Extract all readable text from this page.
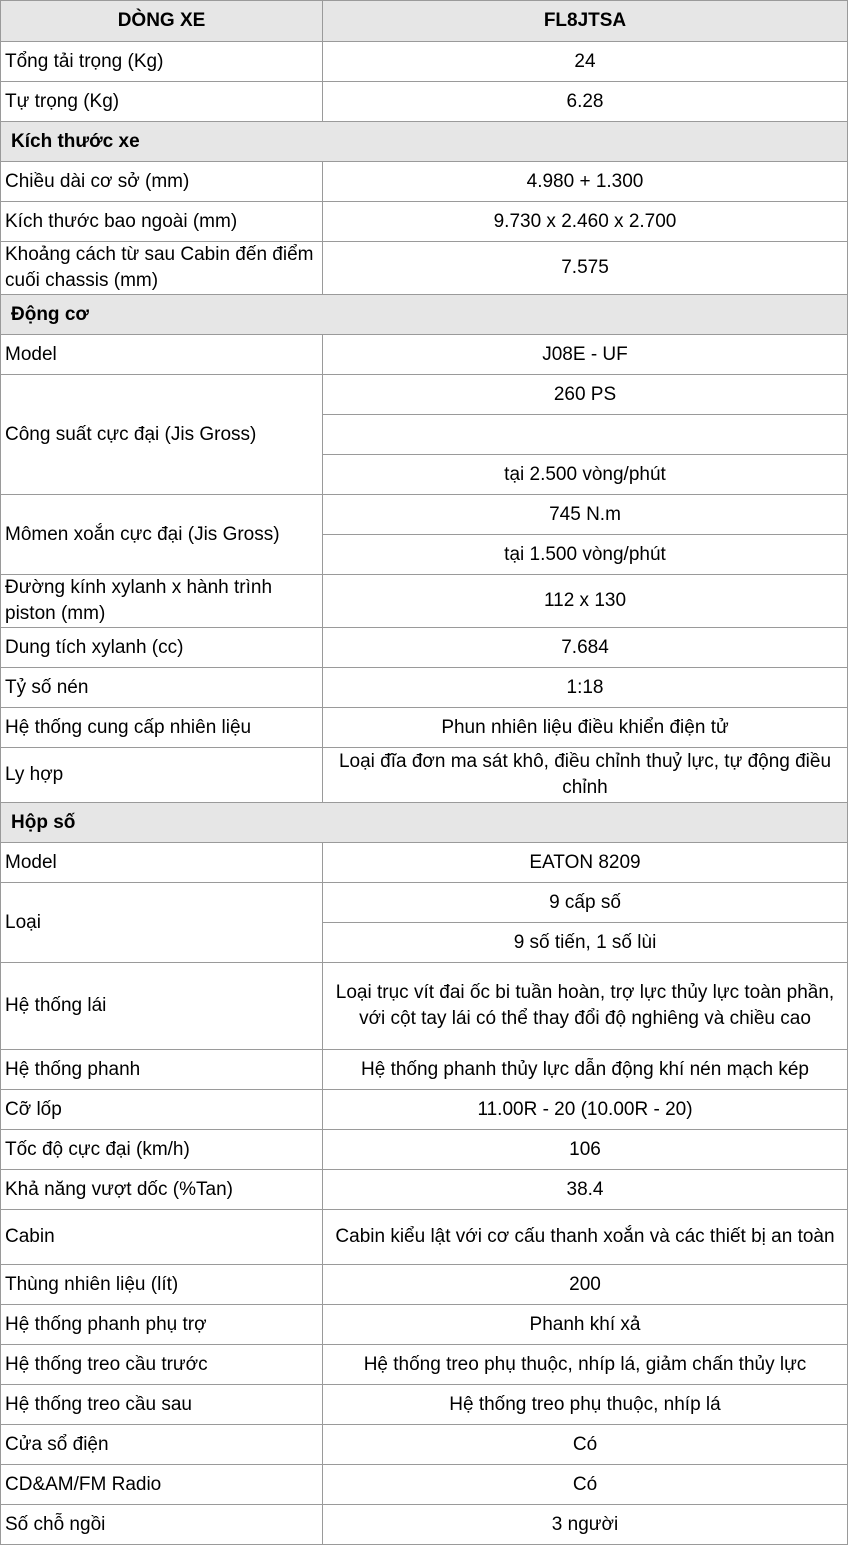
DÒNG XE	FL8JTSA
Tổng tải trọng (Kg)	24
Tự trọng (Kg)	6.28
Kích thước xe	
Chiều dài cơ sở (mm)	4.980 + 1.300
Kích thước bao ngoài (mm)	9.730 x 2.460 x 2.700
Khoảng cách từ sau Cabin đến điểm cuối chassis (mm)	7.575
Động cơ	
Model	J08E - UF
Công suất cực đại (Jis Gross)	260 PS

	tại 2.500 vòng/phút
Mômen xoắn cực đại (Jis Gross)	745 N.m
	tại 1.500 vòng/phút
Đường kính xylanh x hành trình piston (mm)	112 x 130
Dung tích xylanh (cc)	7.684
Tỷ số nén	1:18
Hệ thống cung cấp nhiên liệu	Phun nhiên liệu điều khiển điện tử
Ly hợp	Loại đĩa đơn ma sát khô, điều chỉnh thuỷ lực, tự động điều chỉnh
Hộp số	
Model	EATON 8209
Loại	9 cấp số
	9 số tiến, 1 số lùi
Hệ thống lái	Loại trục vít đai ốc bi tuần hoàn, trợ lực thủy lực toàn phần, với cột tay lái có thể thay đổi độ nghiêng và chiều cao
Hệ thống phanh	Hệ thống phanh thủy lực dẫn động khí nén mạch kép
Cỡ lốp	11.00R - 20 (10.00R - 20)
Tốc độ cực đại (km/h)	106
Khả năng vượt dốc (%Tan)	38.4
Cabin	Cabin kiểu lật với cơ cấu thanh xoắn và các thiết bị an toàn
Thùng nhiên liệu (lít)	200
Hệ thống phanh phụ trợ	Phanh khí xả
Hệ thống treo cầu trước	Hệ thống treo phụ thuộc, nhíp lá, giảm chấn thủy lực
Hệ thống treo cầu sau	Hệ thống treo phụ thuộc, nhíp lá
Cửa sổ điện	Có
CD&AM/FM Radio	Có
Số chỗ ngồi	3 người
